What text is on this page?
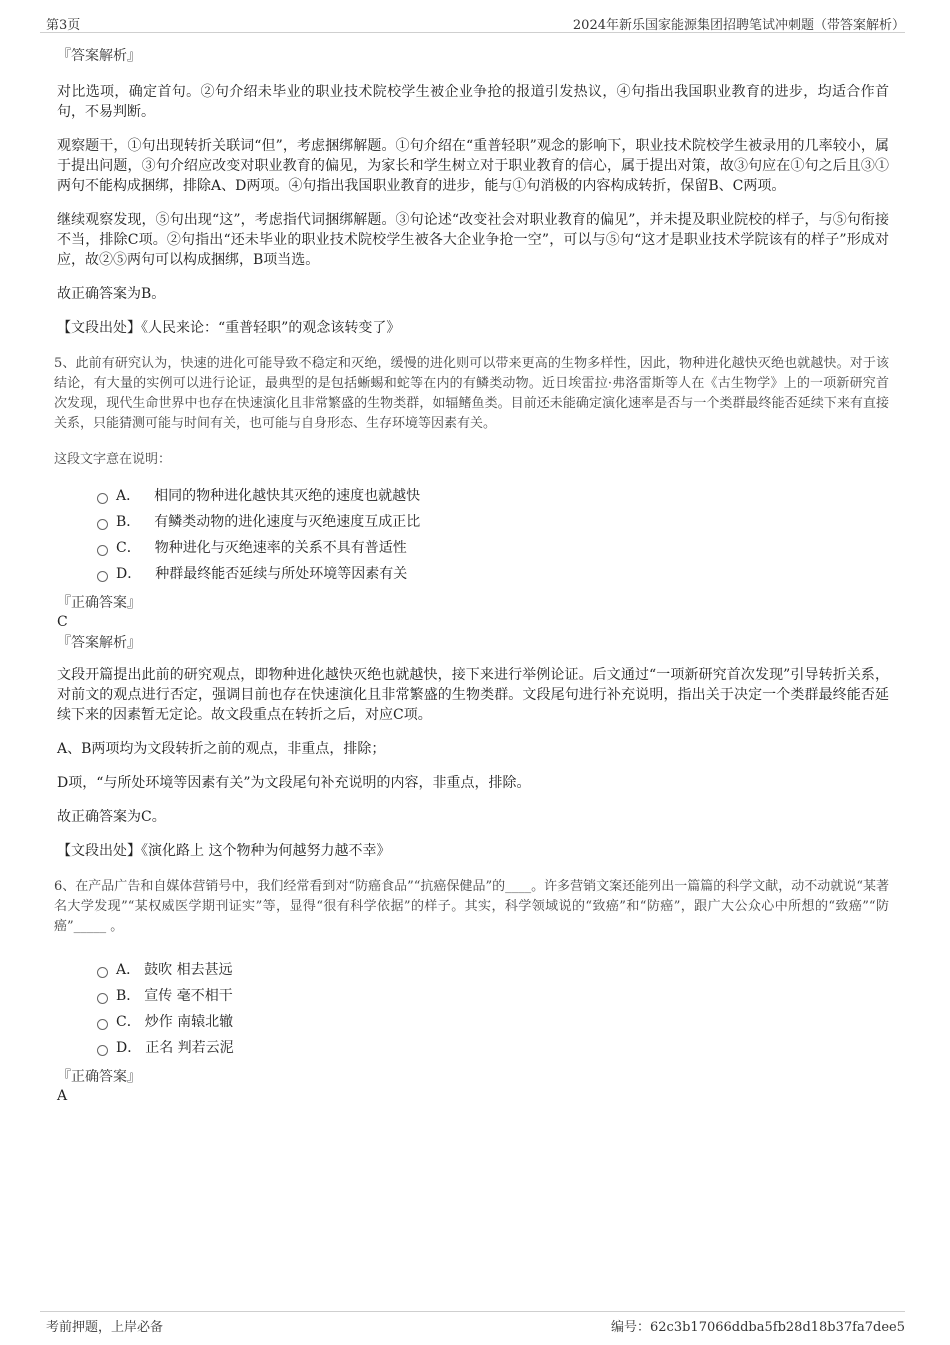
第3页	2024年新乐国家能源集团招聘笔试冲刺题（带答案解析）
『答案解析』
对比选项，确定首句。②句介绍未毕业的职业技术院校学生被企业争抢的报道引发热议，④句指出我国职业教育的进步，均适合作首句，不易判断。
观察题干，①句出现转折关联词“但”，考虑捆绑解题。①句介绍在“重普轻职”观念的影响下，职业技术院校学生被录用的几率较小，属于提出问题，③句介绍应改变对职业教育的偏见，为家长和学生树立对于职业教育的信心，属于提出对策，故③句应在①句之后且③①两句不能构成捆绑，排除A、D两项。④句指出我国职业教育的进步，能与①句消极的内容构成转折，保留B、C两项。
继续观察发现，⑤句出现“这”，考虑指代词捆绑解题。③句论述“改变社会对职业教育的偏见”，并未提及职业院校的样子，与⑤句衔接不当，排除C项。②句指出“还未毕业的职业技术院校学生被各大企业争抢一空”，可以与⑤句“这才是职业技术学院该有的样子”形成对应，故②⑤两句可以构成捆绑，B项当选。
故正确答案为B。
【文段出处】《人民来论：“重普轻职”的观念该转变了》
5、此前有研究认为，快速的进化可能导致不稳定和灭绝，缓慢的进化则可以带来更高的生物多样性，因此，物种进化越快灭绝也就越快。对于该结论，有大量的实例可以进行论证，最典型的是包括蜥蜴和蛇等在内的有鳞类动物。近日埃雷拉·弗洛雷斯等人在《古生物学》上的一项新研究首次发现，现代生命世界中也存在快速演化且非常繁盛的生物类群，如辐鳍鱼类。目前还未能确定演化速率是否与一个类群最终能否延续下来有直接关系，只能猜测可能与时间有关，也可能与自身形态、生存环境等因素有关。
这段文字意在说明：
A． 相同的物种进化越快其灭绝的速度也就越快
B． 有鳞类动物的进化速度与灭绝速度互成正比
C． 物种进化与灭绝速率的关系不具有普适性
D． 种群最终能否延续与所处环境等因素有关
『正确答案』
C
『答案解析』
文段开篇提出此前的研究观点，即物种进化越快灭绝也就越快，接下来进行举例论证。后文通过“一项新研究首次发现”引导转折关系，对前文的观点进行否定，强调目前也存在快速演化且非常繁盛的生物类群。文段尾句进行补充说明，指出关于决定一个类群最终能否延续下来的因素暂无定论。故文段重点在转折之后，对应C项。
A、B两项均为文段转折之前的观点，非重点，排除；
D项，“与所处环境等因素有关”为文段尾句补充说明的内容，非重点，排除。
故正确答案为C。
【文段出处】《演化路上 这个物种为何越努力越不幸》
6、在产品广告和自媒体营销号中，我们经常看到对“防癌食品”“抗癌保健品”的____。许多营销文案还能列出一篇篇的科学文献，动不动就说“某著名大学发现”“某权威医学期刊证实”等，显得“很有科学依据”的样子。其实，科学领域说的“致癌”和“防癌”，跟广大公众心中所想的“致癌”“防癌”_____ 。
A． 鼓吹 相去甚远
B． 宣传 毫不相干
C． 炒作 南辕北辙
D． 正名 判若云泥
『正确答案』
A
考前押题，上岸必备	编号：62c3b17066ddba5fb28d18b37fa7dee5
